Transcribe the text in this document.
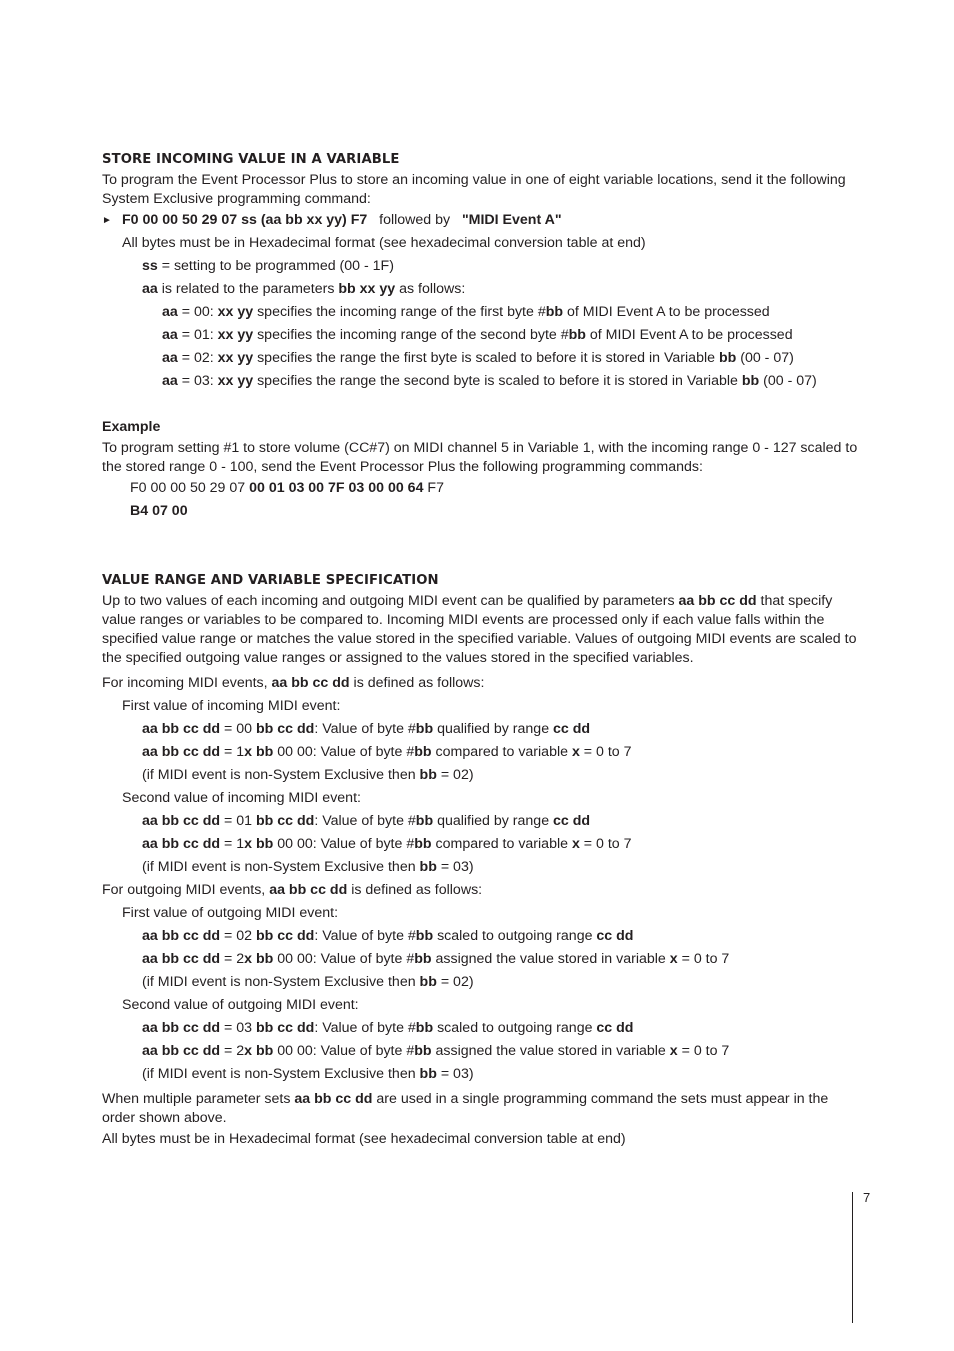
STORE INCOMING VALUE IN A VARIABLE
To program the Event Processor Plus to store an incoming value in one of eight variable locations, send it the following System Exclusive programming command:
► F0 00 00 50 29 07 ss (aa bb xx yy) F7 followed by "MIDI Event A"
All bytes must be in Hexadecimal format (see hexadecimal conversion table at end)
ss = setting to be programmed (00 - 1F)
aa is related to the parameters bb xx yy as follows:
aa = 00: xx yy specifies the incoming range of the first byte #bb of MIDI Event A to be processed
aa = 01: xx yy specifies the incoming range of the second byte #bb of MIDI Event A to be processed
aa = 02: xx yy specifies the range the first byte is scaled to before it is stored in Variable bb (00 - 07)
aa = 03: xx yy specifies the range the second byte is scaled to before it is stored in Variable bb (00 - 07)
Example
To program setting #1 to store volume (CC#7) on MIDI channel 5 in Variable 1, with the incoming range 0 - 127 scaled to the stored range 0 - 100, send the Event Processor Plus the following programming commands:
F0 00 00 50 29 07 00 01 03 00 7F 03 00 00 64 F7
B4 07 00
VALUE RANGE AND VARIABLE SPECIFICATION
Up to two values of each incoming and outgoing MIDI event can be qualified by parameters aa bb cc dd that specify value ranges or variables to be compared to. Incoming MIDI events are processed only if each value falls within the specified value range or matches the value stored in the specified variable. Values of outgoing MIDI events are scaled to the specified outgoing value ranges or assigned to the values stored in the specified variables.
For incoming MIDI events, aa bb cc dd is defined as follows:
First value of incoming MIDI event:
aa bb cc dd = 00 bb cc dd: Value of byte #bb qualified by range cc dd
aa bb cc dd = 1x bb 00 00: Value of byte #bb compared to variable x = 0 to 7
(if MIDI event is non-System Exclusive then bb = 02)
Second value of incoming MIDI event:
aa bb cc dd = 01 bb cc dd: Value of byte #bb qualified by range cc dd
aa bb cc dd = 1x bb 00 00: Value of byte #bb compared to variable x = 0 to 7
(if MIDI event is non-System Exclusive then bb = 03)
For outgoing MIDI events, aa bb cc dd is defined as follows:
First value of outgoing MIDI event:
aa bb cc dd = 02 bb cc dd: Value of byte #bb scaled to outgoing range cc dd
aa bb cc dd = 2x bb 00 00: Value of byte #bb assigned the value stored in variable x = 0 to 7
(if MIDI event is non-System Exclusive then bb = 02)
Second value of outgoing MIDI event:
aa bb cc dd = 03 bb cc dd: Value of byte #bb scaled to outgoing range cc dd
aa bb cc dd = 2x bb 00 00: Value of byte #bb assigned the value stored in variable x = 0 to 7
(if MIDI event is non-System Exclusive then bb = 03)
When multiple parameter sets aa bb cc dd are used in a single programming command the sets must appear in the order shown above.
All bytes must be in Hexadecimal format (see hexadecimal conversion table at end)
7
